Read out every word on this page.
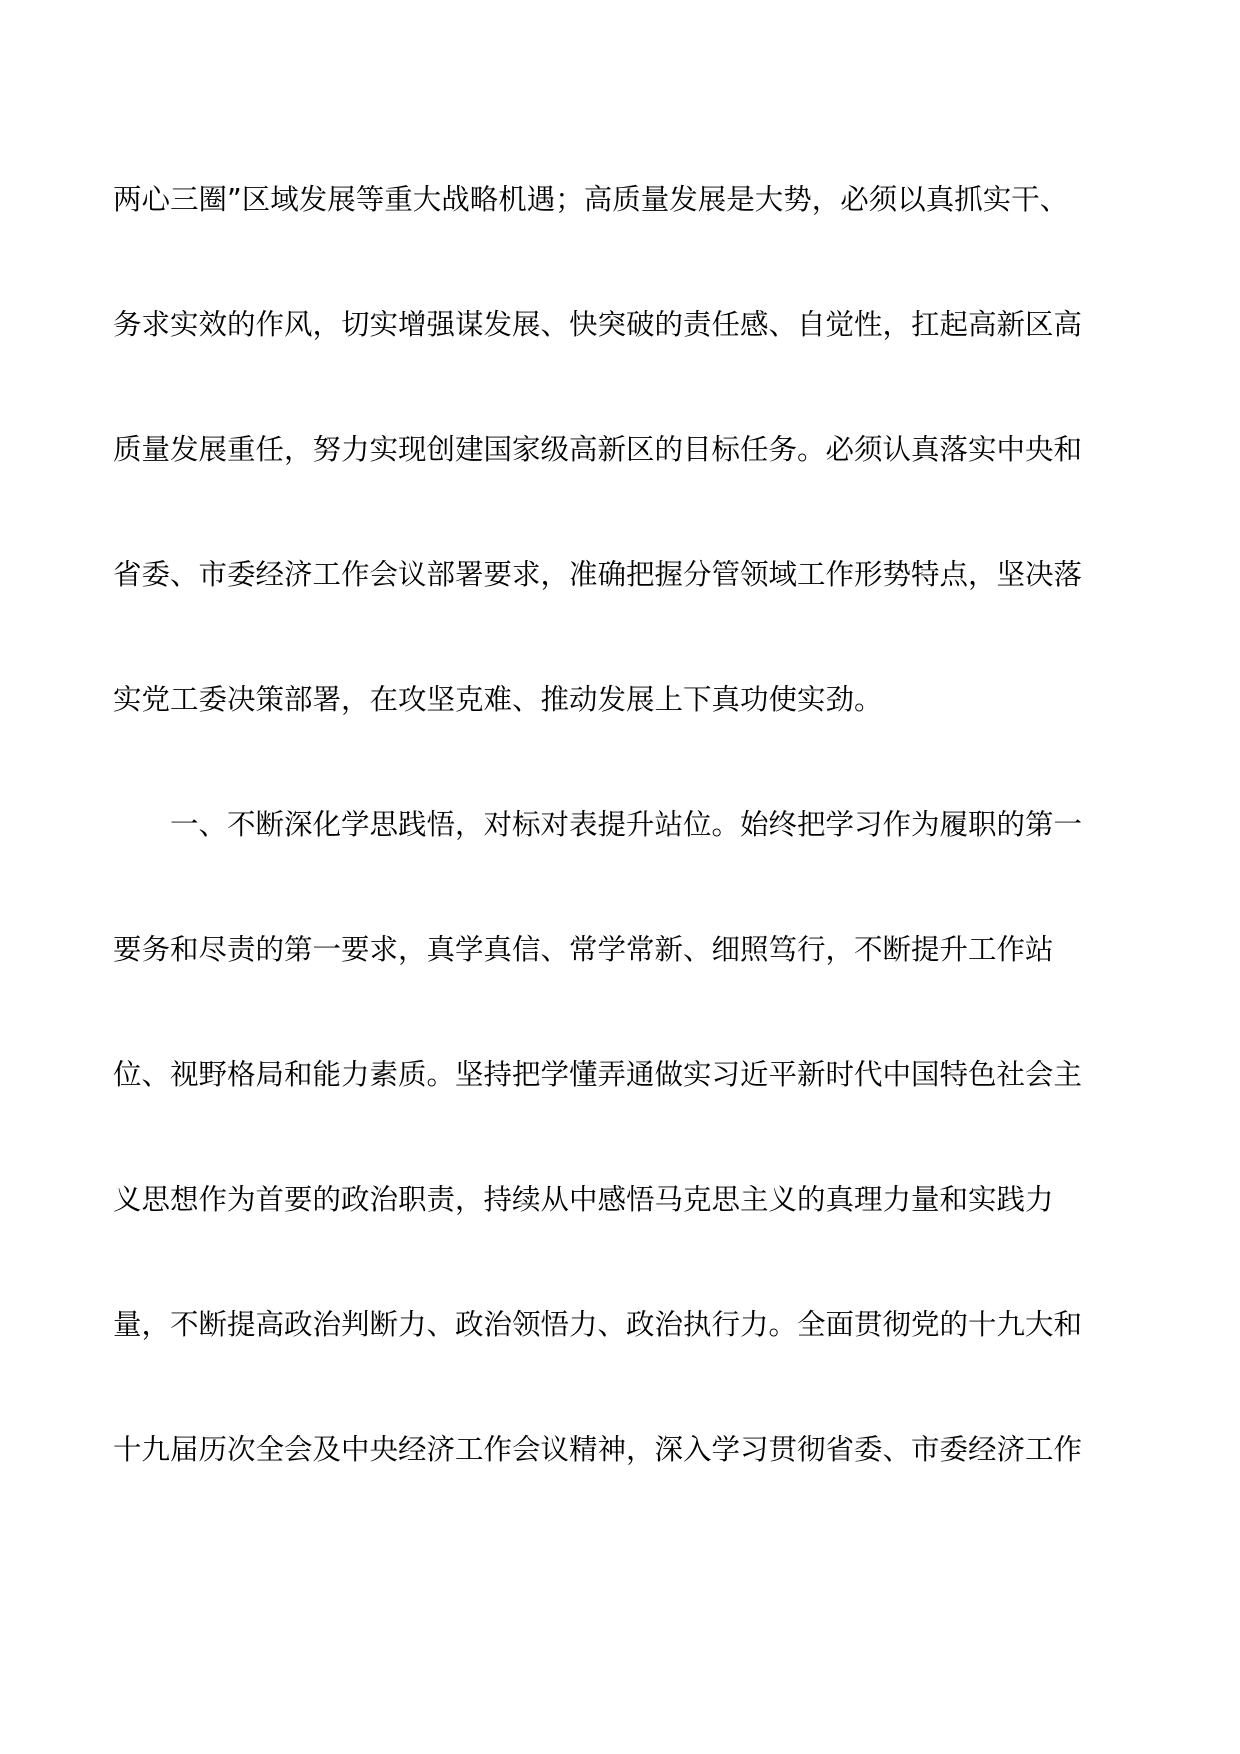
两心三圈”区域发展等重大战略机遇；高质量发展是大势，必须以真抓实干、
务求实效的作风，切实增强谋发展、快突破的责任感、自觉性，扛起高新区高
质量发展重任，努力实现创建国家级高新区的目标任务。必须认真落实中央和
省委、市委经济工作会议部署要求，准确把握分管领域工作形势特点，坚决落
实党工委决策部署，在攻坚克难、推动发展上下真功使实劲。
一、不断深化学思践悟，对标对表提升站位。始终把学习作为履职的第一
要务和尽责的第一要求，真学真信、常学常新、细照笃行，不断提升工作站
位、视野格局和能力素质。坚持把学懂弄通做实习近平新时代中国特色社会主
义思想作为首要的政治职责，持续从中感悟马克思主义的真理力量和实践力
量，不断提高政治判断力、政治领悟力、政治执行力。全面贯彻党的十九大和
十九届历次全会及中央经济工作会议精神，深入学习贯彻省委、市委经济工作
